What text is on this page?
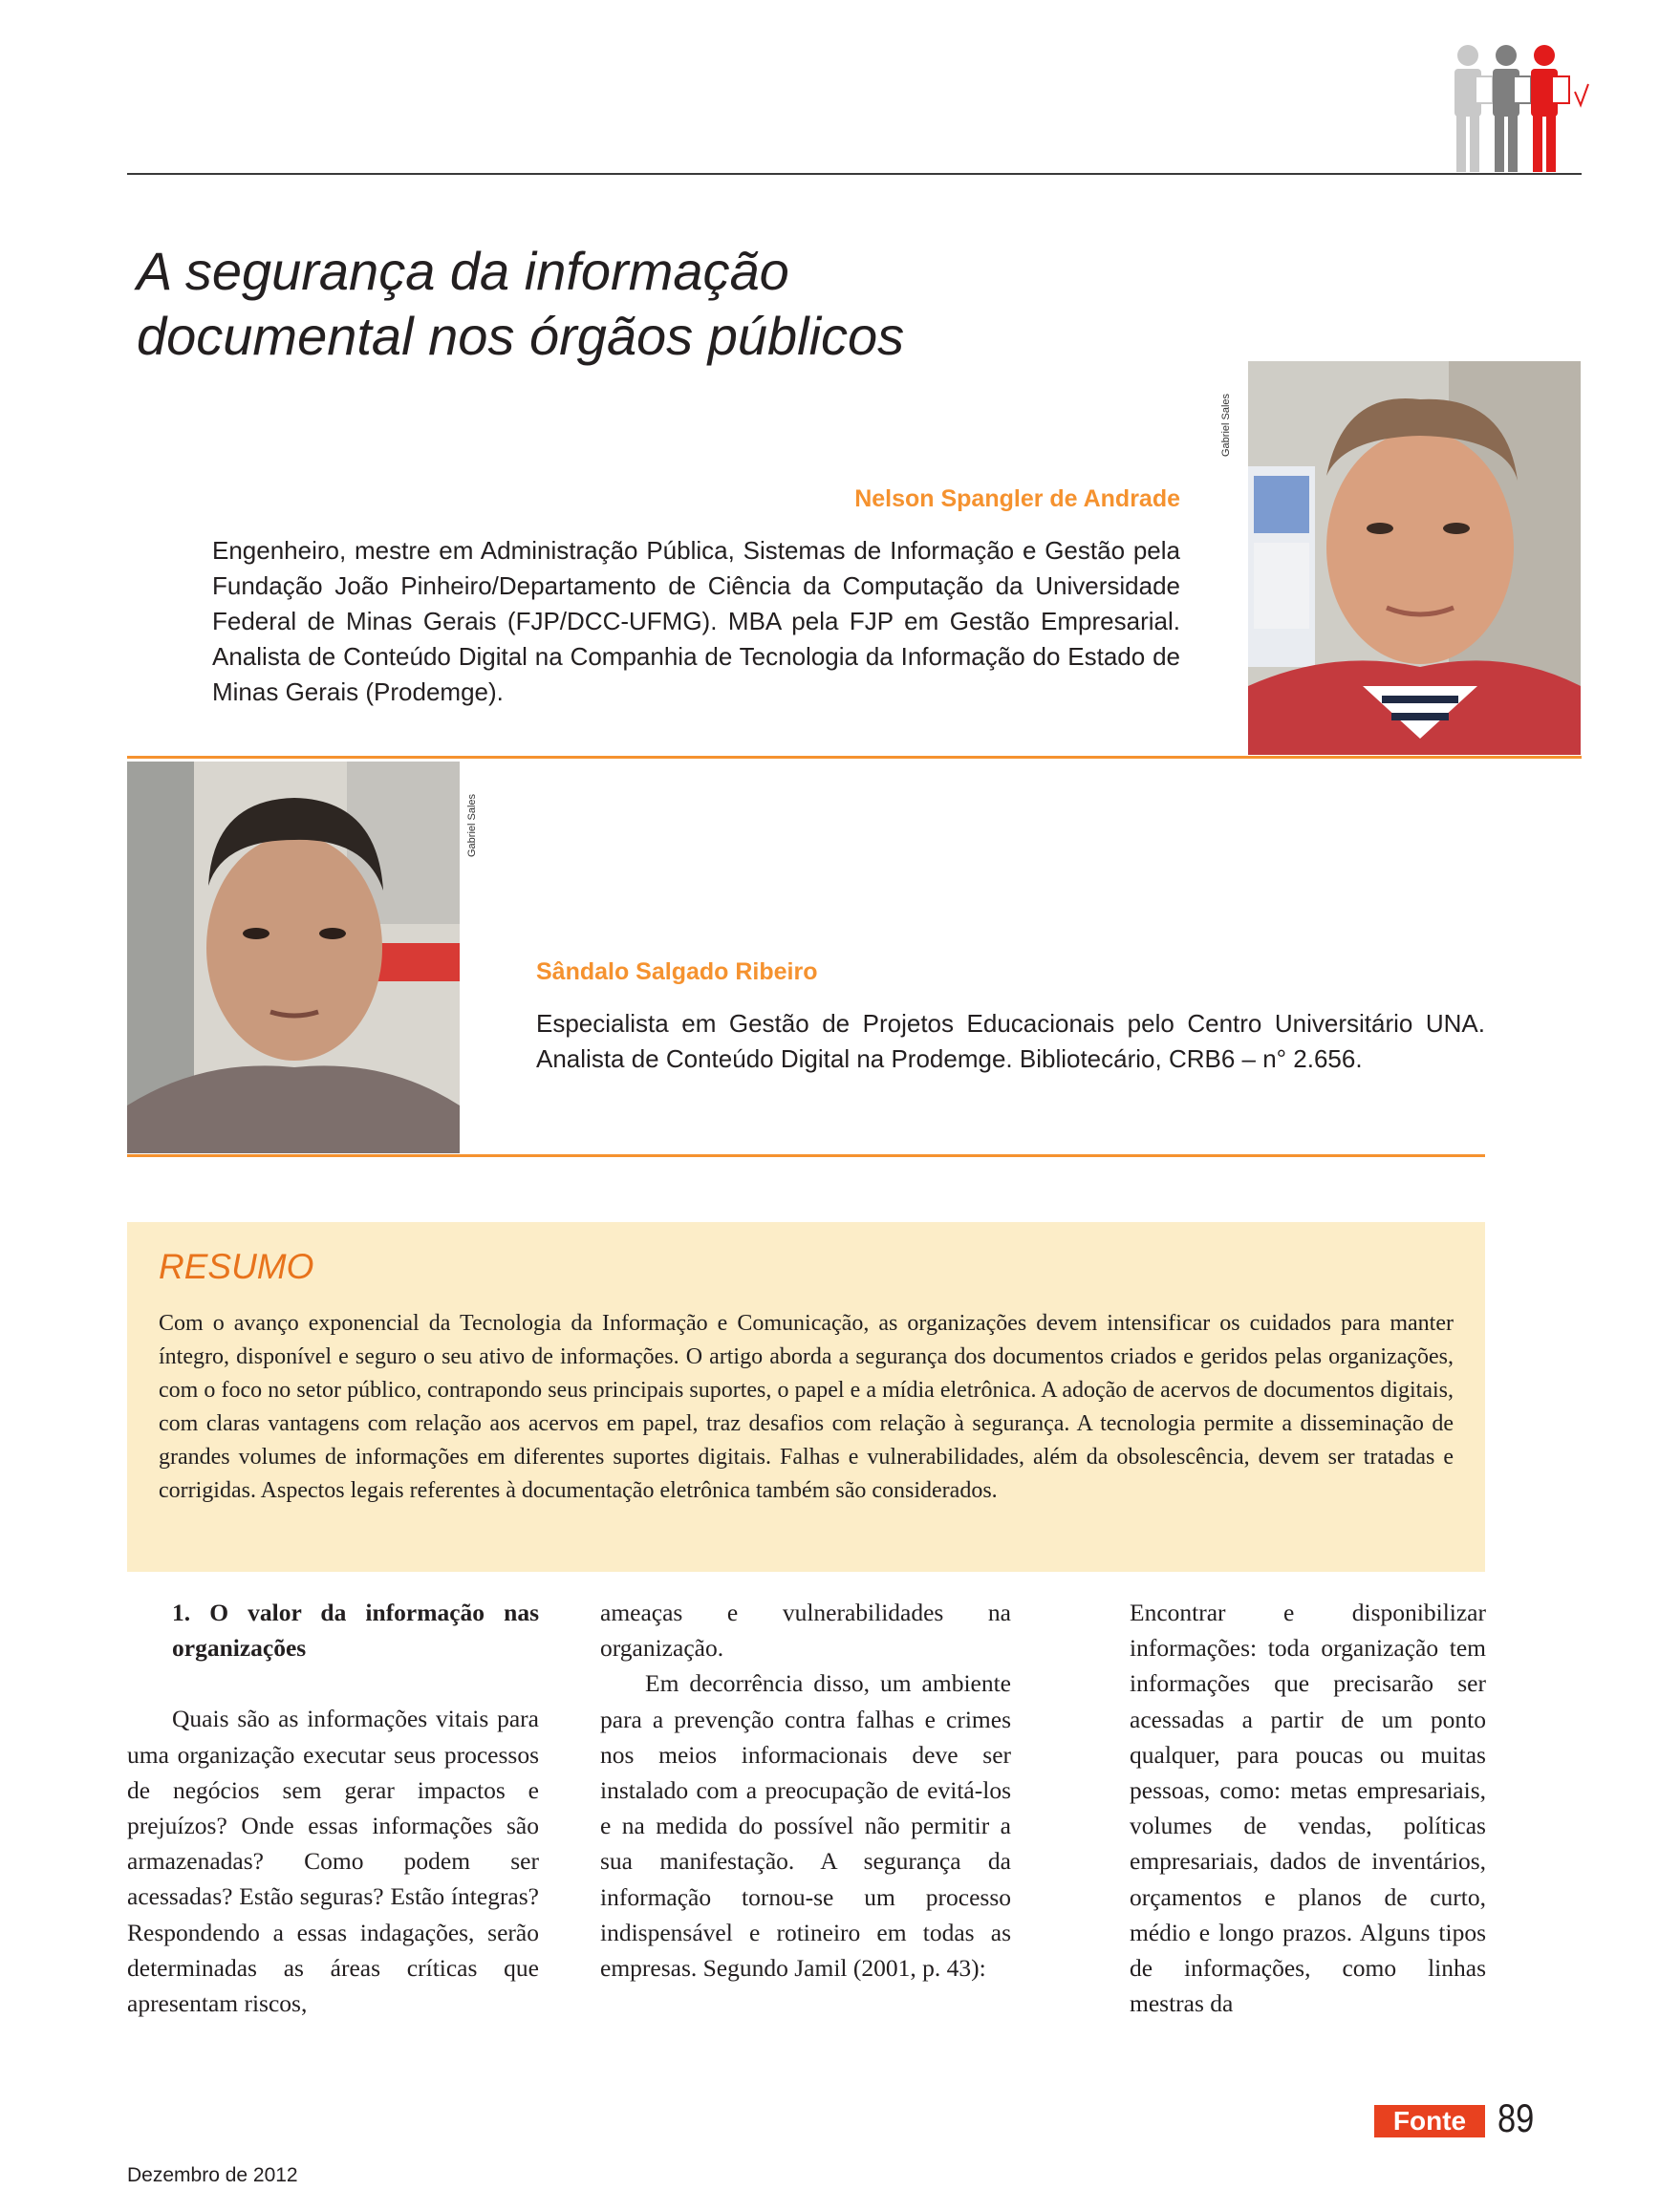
A segurança da informação
documental nos órgãos públicos
Gabriel Sales
Nelson Spangler de Andrade
Engenheiro, mestre em Administração Pública, Sistemas de Informação e Gestão pela Fundação João Pinheiro/Departamento de Ciência da Computação da Universidade Federal de Minas Gerais (FJP/DCC-UFMG). MBA pela FJP em Gestão Empresarial. Analista de Conteúdo Digital na Companhia de Tecnologia da Informação do Estado de Minas Gerais (Prodemge).
Gabriel Sales
Sândalo Salgado Ribeiro
Especialista em Gestão de Projetos Educacionais pelo Centro Universitário UNA. Analista de Conteúdo Digital na Prodemge. Bibliotecário, CRB6 – n° 2.656.
RESUMO

Com o avanço exponencial da Tecnologia da Informação e Comunicação, as organizações devem intensificar os cuidados para manter íntegro, disponível e seguro o seu ativo de informações. O artigo aborda a segurança dos documentos criados e geridos pelas organizações, com o foco no setor público, contrapondo seus principais suportes, o papel e a mídia eletrônica. A adoção de acervos de documentos digitais, com claras vantagens com relação aos acervos em papel, traz desafios com relação à segurança. A tecnologia permite a disseminação de grandes volumes de informações em diferentes suportes digitais. Falhas e vulnerabilidades, além da obsolescência, devem ser tratadas e corrigidas. Aspectos legais referentes à documentação eletrônica também são considerados.

1. O valor da informação nas organizações

Quais são as informações vitais para uma organização executar seus processos de negócios sem gerar impactos e prejuízos? Onde essas informações são armazenadas? Como podem ser acessadas? Estão seguras? Estão íntegras? Respondendo a essas indagações, serão determinadas as áreas críticas que apresentam riscos,

ameaças e vulnerabilidades na organização.

Em decorrência disso, um ambiente para a prevenção contra falhas e crimes nos meios informacionais deve ser instalado com a preocupação de evitá-los e na medida do possível não permitir a sua manifestação. A segurança da informação tornou-se um processo indispensável e rotineiro em todas as empresas. Segundo Jamil (2001, p. 43):

Encontrar e disponibilizar informações: toda organização tem informações que precisarão ser acessadas a partir de um ponto qualquer, para poucas ou muitas pessoas, como: metas empresariais, volumes de vendas, políticas empresariais, dados de inventários, orçamentos e planos de curto, médio e longo prazos. Alguns tipos de informações, como linhas mestras da

Dezembro de 2012
Fonte 89
